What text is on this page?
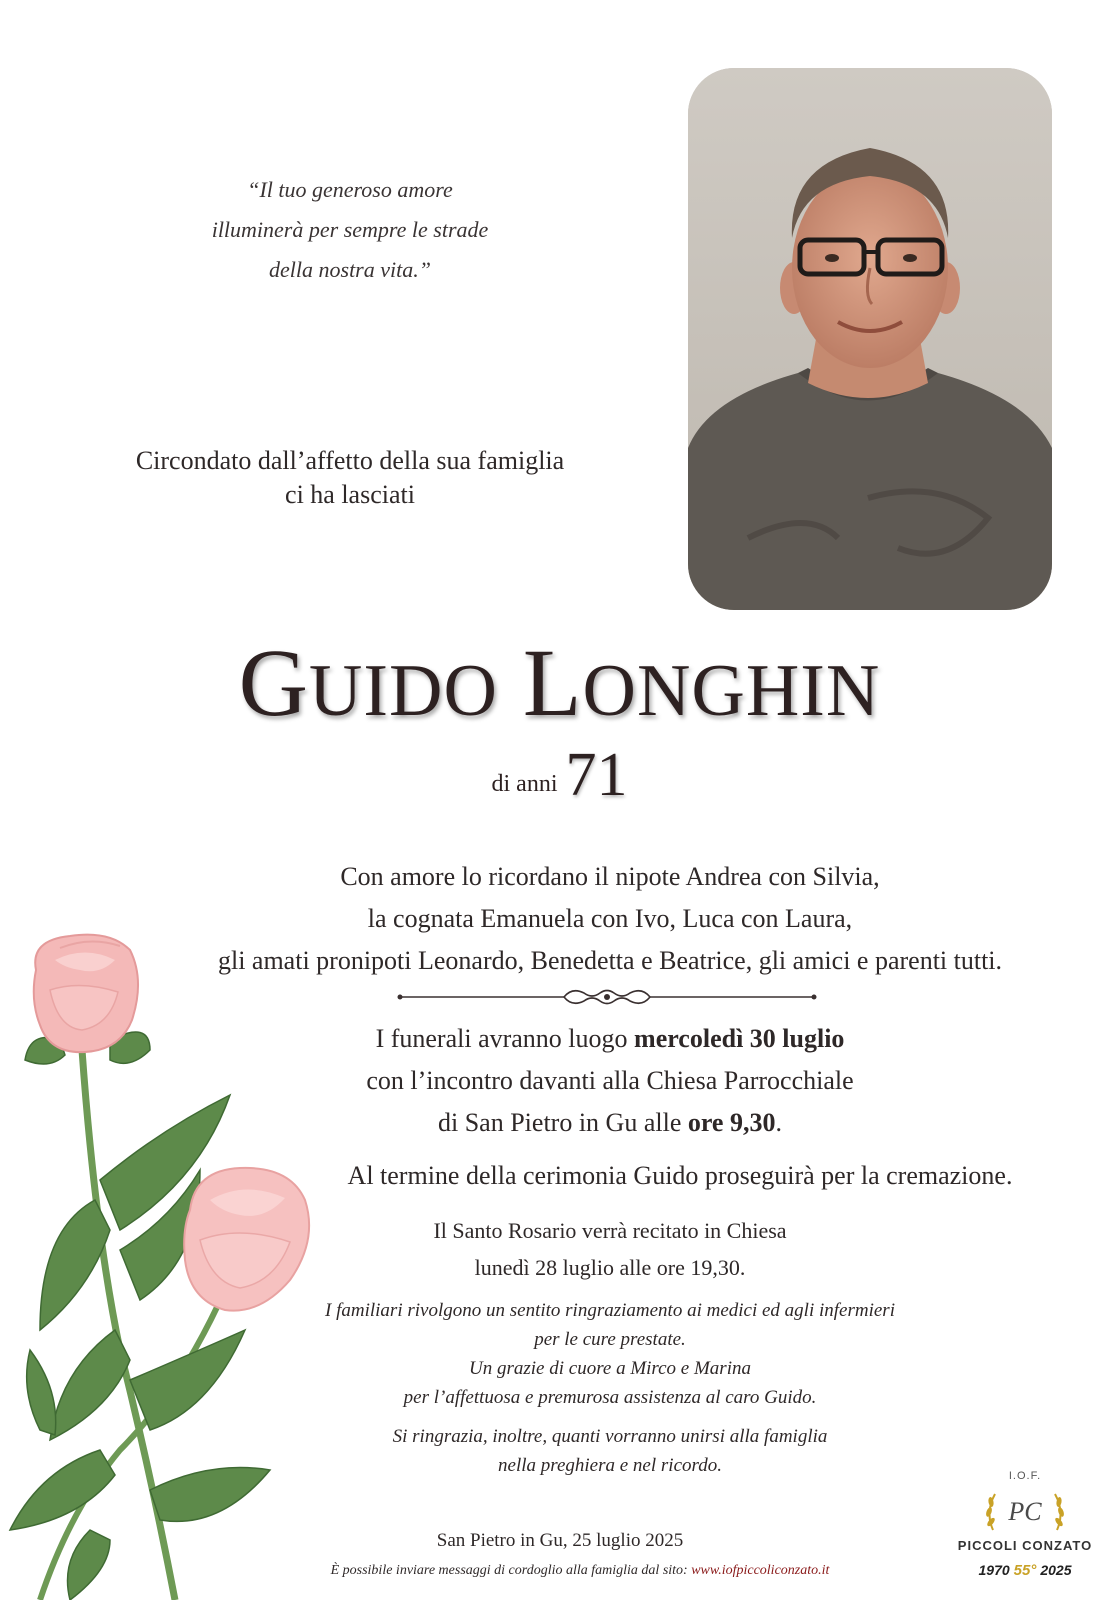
“Il tuo generoso amore
illuminerà per sempre le strade
della nostra vita.”
Circondato dall’affetto della sua famiglia
ci ha lasciati
GUIDO LONGHIN
di anni 71
Con amore lo ricordano il nipote Andrea con Silvia,
la cognata Emanuela con Ivo, Luca con Laura,
gli amati pronipoti Leonardo, Benedetta e Beatrice, gli amici e parenti tutti.
I funerali avranno luogo mercoledì 30 luglio
con l’incontro davanti alla Chiesa Parrocchiale
di San Pietro in Gu alle ore 9,30.
Al termine della cerimonia Guido proseguirà per la cremazione.
Il Santo Rosario verrà recitato in Chiesa
lunedì 28 luglio alle ore 19,30.
I familiari rivolgono un sentito ringraziamento ai medici ed agli infermieri
per le cure prestate.
Un grazie di cuore a Mirco e Marina
per l’affettuosa e premurosa assistenza al caro Guido.
Si ringrazia, inoltre, quanti vorranno unirsi alla famiglia
nella preghiera e nel ricordo.
San Pietro in Gu, 25 luglio 2025
È possibile inviare messaggi di cordoglio alla famiglia dal sito: www.iofpiccoliconzato.it
I.O.F.
PC
PICCOLI CONZATO
1970 55° 2025
